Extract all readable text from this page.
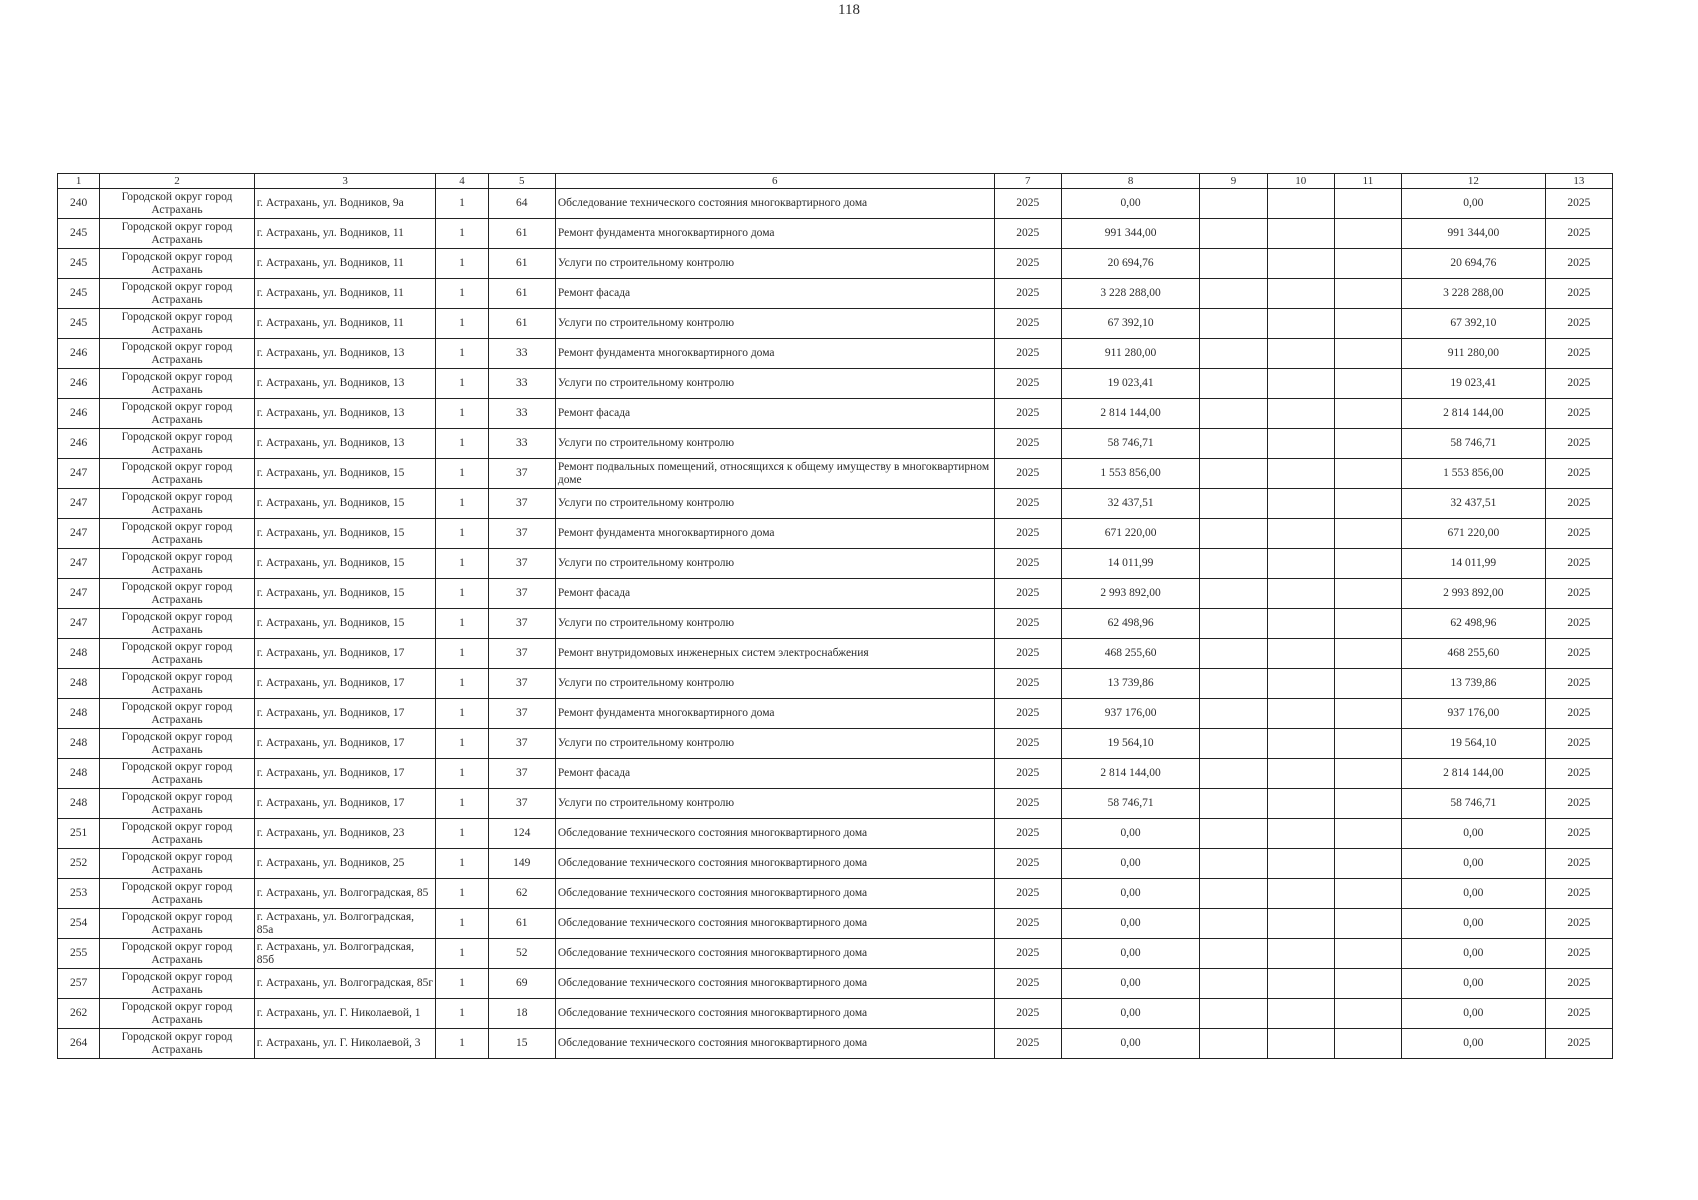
118
1	2	3	4	5	6	7	8	9	10	11	12	13
240	Городской округ город Астрахань	г. Астрахань, ул. Водников, 9а	1	64	Обследование технического состояния многоквартирного дома	2025	0,00				0,00	2025
245	Городской округ город Астрахань	г. Астрахань, ул. Водников, 11	1	61	Ремонт фундамента многоквартирного дома	2025	991 344,00				991 344,00	2025
245	Городской округ город Астрахань	г. Астрахань, ул. Водников, 11	1	61	Услуги по строительному контролю	2025	20 694,76				20 694,76	2025
245	Городской округ город Астрахань	г. Астрахань, ул. Водников, 11	1	61	Ремонт фасада	2025	3 228 288,00				3 228 288,00	2025
245	Городской округ город Астрахань	г. Астрахань, ул. Водников, 11	1	61	Услуги по строительному контролю	2025	67 392,10				67 392,10	2025
246	Городской округ город Астрахань	г. Астрахань, ул. Водников, 13	1	33	Ремонт фундамента многоквартирного дома	2025	911 280,00				911 280,00	2025
246	Городской округ город Астрахань	г. Астрахань, ул. Водников, 13	1	33	Услуги по строительному контролю	2025	19 023,41				19 023,41	2025
246	Городской округ город Астрахань	г. Астрахань, ул. Водников, 13	1	33	Ремонт фасада	2025	2 814 144,00				2 814 144,00	2025
246	Городской округ город Астрахань	г. Астрахань, ул. Водников, 13	1	33	Услуги по строительному контролю	2025	58 746,71				58 746,71	2025
247	Городской округ город Астрахань	г. Астрахань, ул. Водников, 15	1	37	Ремонт подвальных помещений, относящихся к общему имуществу в многоквартирном доме	2025	1 553 856,00				1 553 856,00	2025
247	Городской округ город Астрахань	г. Астрахань, ул. Водников, 15	1	37	Услуги по строительному контролю	2025	32 437,51				32 437,51	2025
247	Городской округ город Астрахань	г. Астрахань, ул. Водников, 15	1	37	Ремонт фундамента многоквартирного дома	2025	671 220,00				671 220,00	2025
247	Городской округ город Астрахань	г. Астрахань, ул. Водников, 15	1	37	Услуги по строительному контролю	2025	14 011,99				14 011,99	2025
247	Городской округ город Астрахань	г. Астрахань, ул. Водников, 15	1	37	Ремонт фасада	2025	2 993 892,00				2 993 892,00	2025
247	Городской округ город Астрахань	г. Астрахань, ул. Водников, 15	1	37	Услуги по строительному контролю	2025	62 498,96				62 498,96	2025
248	Городской округ город Астрахань	г. Астрахань, ул. Водников, 17	1	37	Ремонт внутридомовых инженерных систем электроснабжения	2025	468 255,60				468 255,60	2025
248	Городской округ город Астрахань	г. Астрахань, ул. Водников, 17	1	37	Услуги по строительному контролю	2025	13 739,86				13 739,86	2025
248	Городской округ город Астрахань	г. Астрахань, ул. Водников, 17	1	37	Ремонт фундамента многоквартирного дома	2025	937 176,00				937 176,00	2025
248	Городской округ город Астрахань	г. Астрахань, ул. Водников, 17	1	37	Услуги по строительному контролю	2025	19 564,10				19 564,10	2025
248	Городской округ город Астрахань	г. Астрахань, ул. Водников, 17	1	37	Ремонт фасада	2025	2 814 144,00				2 814 144,00	2025
248	Городской округ город Астрахань	г. Астрахань, ул. Водников, 17	1	37	Услуги по строительному контролю	2025	58 746,71				58 746,71	2025
251	Городской округ город Астрахань	г. Астрахань, ул. Водников, 23	1	124	Обследование технического состояния многоквартирного дома	2025	0,00				0,00	2025
252	Городской округ город Астрахань	г. Астрахань, ул. Водников, 25	1	149	Обследование технического состояния многоквартирного дома	2025	0,00				0,00	2025
253	Городской округ город Астрахань	г. Астрахань, ул. Волгоградская, 85	1	62	Обследование технического состояния многоквартирного дома	2025	0,00				0,00	2025
254	Городской округ город Астрахань	г. Астрахань, ул. Волгоградская, 85а	1	61	Обследование технического состояния многоквартирного дома	2025	0,00				0,00	2025
255	Городской округ город Астрахань	г. Астрахань, ул. Волгоградская, 85б	1	52	Обследование технического состояния многоквартирного дома	2025	0,00				0,00	2025
257	Городской округ город Астрахань	г. Астрахань, ул. Волгоградская, 85г	1	69	Обследование технического состояния многоквартирного дома	2025	0,00				0,00	2025
262	Городской округ город Астрахань	г. Астрахань, ул. Г. Николаевой, 1	1	18	Обследование технического состояния многоквартирного дома	2025	0,00				0,00	2025
264	Городской округ город Астрахань	г. Астрахань, ул. Г. Николаевой, 3	1	15	Обследование технического состояния многоквартирного дома	2025	0,00				0,00	2025
